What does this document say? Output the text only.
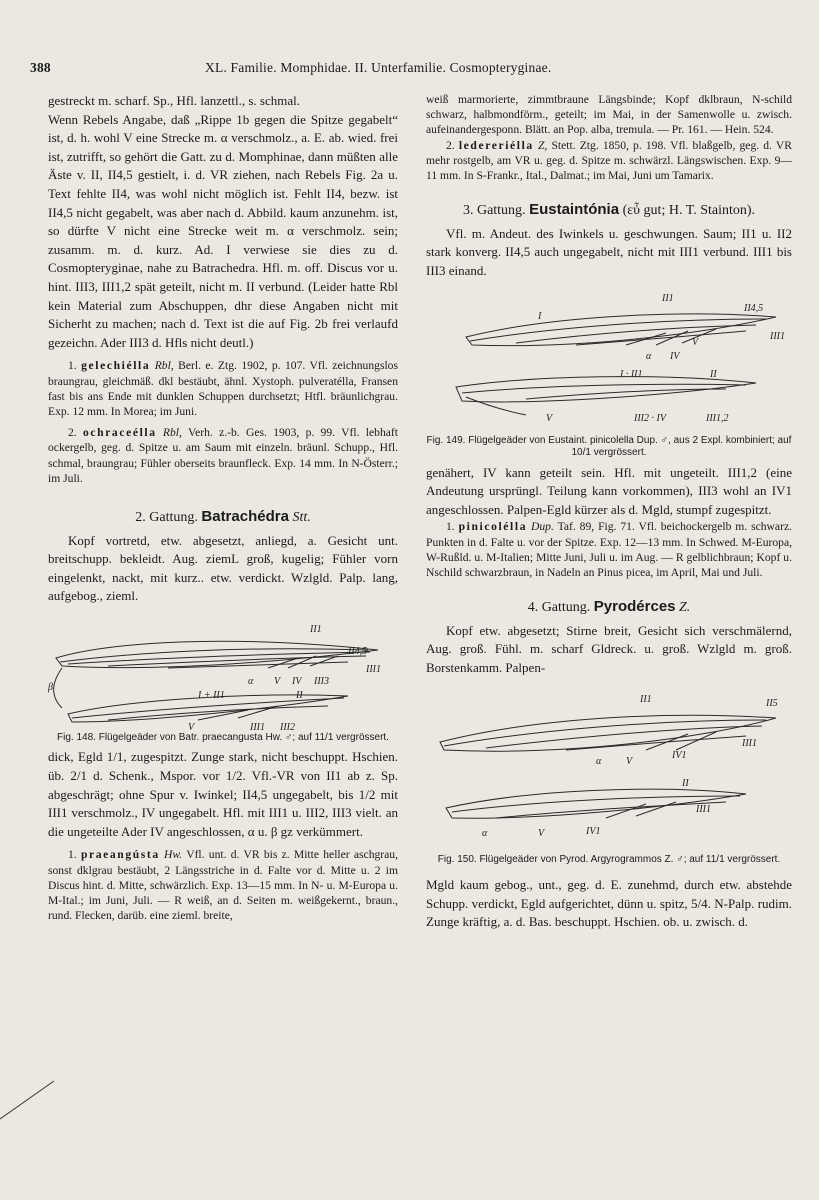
388	XL. Familie. Momphidae. II. Unterfamilie. Cosmopteryginae.

gestreckt m. scharf. Sp., Hfl. lanzettl., s. schmal.

Wenn Rebels Angabe, daß „Rippe 1b gegen die Spitze gegabelt“ ist, d. h. wohl V eine Strecke m. α verschmolz., a. E. ab. wied. frei ist, zutrifft, so gehört die Gatt. zu d. Momphinae, dann müßten alle Äste v. II, II4,5 gestielt, i. d. VR ziehen, nach Rebels Fig. 2a u. Text fehlte II4, was wohl nicht möglich ist. Fehlt II4, bezw. ist II4,5 nicht gegabelt, was aber nach d. Abbild. kaum anzunehm. ist, so dürfte V nicht eine Strecke weit m. α verschmolz. sein; zusamm. m. d. kurz. Ad. I verwiese sie dies zu d. Cosmopteryginae, nahe zu Batrachedra. Hfl. m. off. Discus vor u. hint. III3, III1,2 spät geteilt, nicht m. II verbund. (Leider hatte Rbl kein Material zum Abschuppen, dhr diese Angaben nicht mit Sicherht zu machen; nach d. Text ist die auf Fig. 2b frei verlaufd gezeichn. Ader III3 d. Hfls nicht deutl.)

1. gelechiélla Rbl, Berl. e. Ztg. 1902, p. 107. Vfl. zeichnungslos braungrau, gleichmäß. dkl bestäubt, ähnl. Xystoph. pulveratélla, Fransen fast bis ans Ende mit dunklen Schuppen durchsetzt; Htfl. bräunlichgrau. Exp. 12 mm. In Morea; im Juni.

2. ochraceélla Rbl, Verh. z.-b. Ges. 1903, p. 99. Vfl. lebhaft ockergelb, geg. d. Spitze u. am Saum mit einzeln. bräunl. Schupp., Hfl. schmal, braungrau; Fühler oberseits braunfleck. Exp. 14 mm. In N-Österr.; im Juli.

2. Gattung. Batrachédra Stt.

Kopf vortretd, etw. abgesetzt, anliegd, a. Gesicht unt. breitschupp. bekleidt. Aug. ziemL groß, kugelig; Fühler vorn eingelenkt, nackt, mit kurz.. etw. verdickt. Wzlgld. Palp. lang, aufgebog., zieml.

II1
II4,5
III1
α V IV III3
β
I + II1	II
V	III1 III2

Fig. 148. Flügelgeäder von Batr. praecangusta Hw. ♂; auf 11/1 vergrössert.

dick, Egld 1/1, zugespitzt. Zunge stark, nicht beschuppt. Hschien. üb. 2/1 d. Schenk., Mspor. vor 1/2. Vfl.-VR von II1 ab z. Sp. abgeschrägt; ohne Spur v. Iwinkel; II4,5 ungegabelt, bis 1/2 mit III1 verschmolz., IV ungegabelt. Hfl. mit III1 u. III2, III3 vielt. an die ungeteilte Ader IV angeschlossen, α u. β gz verkümmert.

1. praeangústa Hw. Vfl. unt. d. VR bis z. Mitte heller aschgrau, sonst dklgrau bestäubt, 2 Längsstriche in d. Falte vor d. Mitte u. 2 im Discus hint. d. Mitte, schwärzlich. Exp. 13—15 mm. In N- u. M-Europa u. M-Ital.; im Juni, Juli. — R weiß, an d. Seiten m. weißgekernt., braun., rund. Flecken, darüb. eine zieml. breite,

weiß marmorierte, zimmtbraune Längsbinde; Kopf dklbraun, N-schild schwarz, halbmondförm., geteilt; im Mai, in der Samenwolle u. zwisch. aufeinandergesponn. Blätt. an Pop. alba, tremula. — Pr. 161. — Hein. 524.

2. ledereriélla Z, Stett. Ztg. 1850, p. 198. Vfl. blaßgelb, geg. d. VR mehr rostgelb, am VR u. geg. d. Spitze m. schwärzl. Längswischen. Exp. 9—11 mm. In S-Frankr., Ital., Dalmat.; im Mai, Juni um Tamarix.

3. Gattung. Eustaintónia (εὖ gut; H. T. Stainton).

Vfl. m. Andeut. des Iwinkels u. geschwungen. Saum; II1 u. II2 stark konverg. II4,5 auch ungegabelt, nicht mit III1 verbund. III1 bis III3 einand.

II1
I
II4,5
III1
α IV
V
I · II1	II
V	III2 · IV	III1,2

Fig. 149. Flügelgeäder von Eustaint. pinicolella Dup. ♂, aus 2 Expl. kombiniert; auf 10/1 vergrössert.

genähert, IV kann geteilt sein. Hfl. mit ungeteilt. III1,2 (eine Andeutung ursprüngl. Teilung kann vorkommen), III3 wohl an IV1 angeschlossen. Palpen-Egld kürzer als d. Mgld, stumpf zugespitzt.

1. pinicoléllа Dup. Taf. 89, Fig. 71. Vfl. beichockergelb m. schwarz. Punkten in d. Falte u. vor der Spitze. Exp. 12—13 mm. In Schwed. M-Europa, W-Rußld. u. M-Italien; Mitte Juni, Juli u. im Aug. — R gelblichbraun; Kopf u. Nschild schwarzbraun, in Nadeln an Pinus picea, im April, Mai und Juli.

4. Gattung. Pyrodérces Z.

Kopf etw. abgesetzt; Stirne breit, Gesicht sich verschmälernd, Aug. groß. Fühl. m. scharf Gldreck. u. groß. Wzlgld m. groß. Borstenkamm. Palpen-

II1	II5
III1
α V
IV1
II
III1
α	V	IV1

Fig. 150. Flügelgeäder von Pyrod. Argyrogrammos Z. ♂; auf 11/1 vergrössert.

Mgld kaum gebog., unt., geg. d. E. zunehmd, durch etw. abstehde Schupp. verdickt, Egld aufgerichtet, dünn u. spitz, 5/4. N-Palp. rudim. Zunge kräftig, a. d. Bas. beschuppt. Hschien. ob. u. zwisch. d.
